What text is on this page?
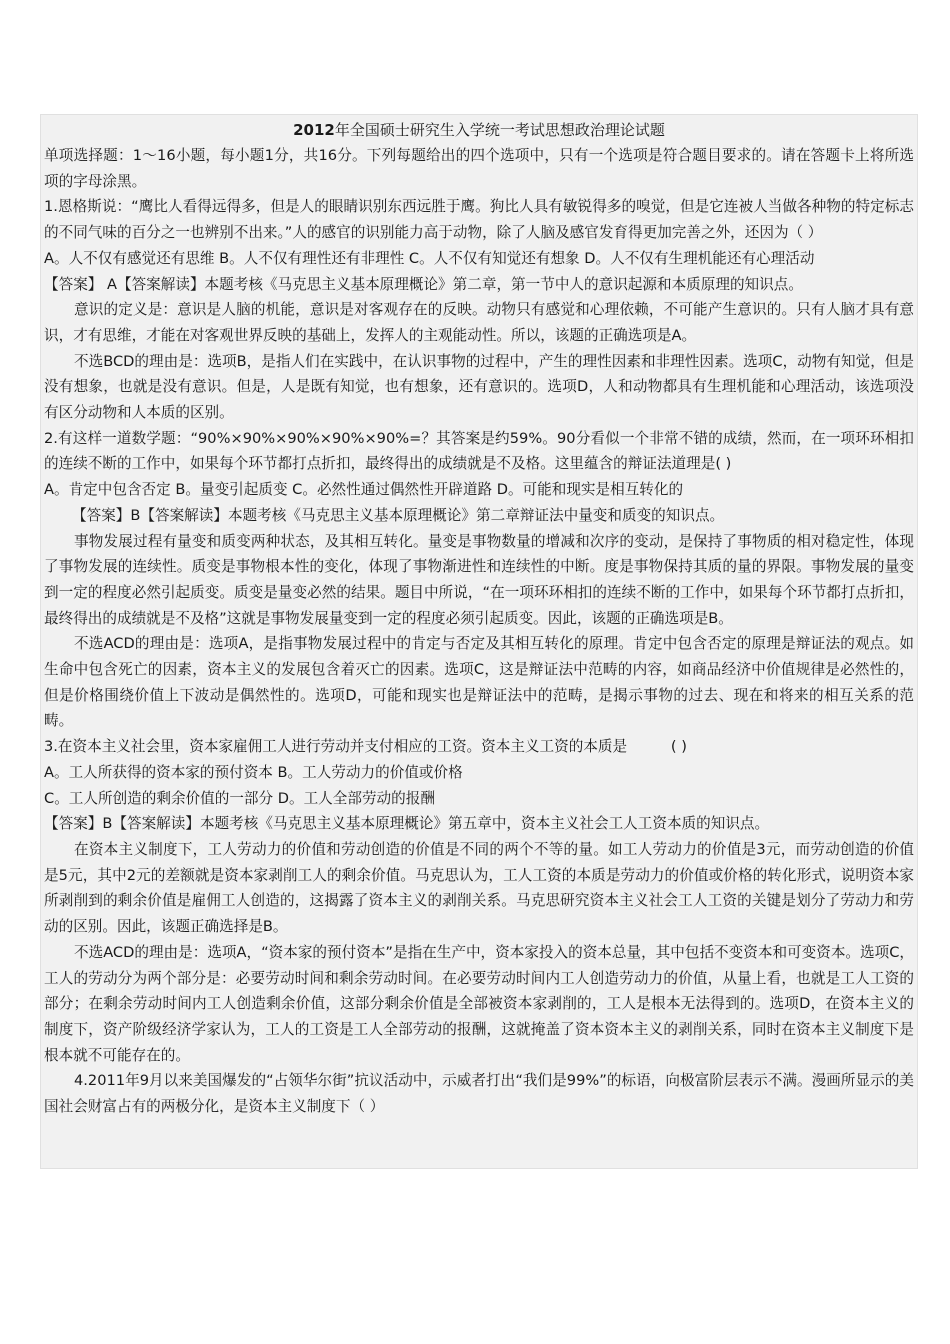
2012年全国硕士研究生入学统一考试思想政治理论试题

单项选择题：1～16小题，每小题1分，共16分。下列每题给出的四个选项中，只有一个选项是符合题目要求的。请在答题卡上将所选项的字母涂黑。

1.恩格斯说：“鹰比人看得远得多，但是人的眼睛识别东西远胜于鹰。狗比人具有敏锐得多的嗅觉，但是它连被人当做各种物的特定标志的不同气味的百分之一也辨别不出来。”人的感官的识别能力高于动物，除了人脑及感官发育得更加完善之外，还因为（ ）

A。人不仅有感觉还有思维 B。人不仅有理性还有非理性 C。人不仅有知觉还有想象 D。人不仅有生理机能还有心理活动

【答案】 A【答案解读】本题考核《马克思主义基本原理概论》第二章，第一节中人的意识起源和本质原理的知识点。

意识的定义是：意识是人脑的机能，意识是对客观存在的反映。动物只有感觉和心理依赖，不可能产生意识的。只有人脑才具有意识，才有思维，才能在对客观世界反映的基础上，发挥人的主观能动性。所以，该题的正确选项是A。

不选BCD的理由是：选项B，是指人们在实践中，在认识事物的过程中，产生的理性因素和非理性因素。选项C，动物有知觉，但是没有想象，也就是没有意识。但是，人是既有知觉，也有想象，还有意识的。选项D，人和动物都具有生理机能和心理活动，该选项没有区分动物和人本质的区别。

2.有这样一道数学题：“90%×90%×90%×90%×90%=？其答案是约59%。90分看似一个非常不错的成绩，然而，在一项环环相扣的连续不断的工作中，如果每个环节都打点折扣，最终得出的成绩就是不及格。这里蕴含的辩证法道理是( )

A。肯定中包含否定 B。量变引起质变 C。必然性通过偶然性开辟道路 D。可能和现实是相互转化的

【答案】B【答案解读】本题考核《马克思主义基本原理概论》第二章辩证法中量变和质变的知识点。

事物发展过程有量变和质变两种状态，及其相互转化。量变是事物数量的增减和次序的变动，是保持了事物质的相对稳定性，体现了事物发展的连续性。质变是事物根本性的变化，体现了事物渐进性和连续性的中断。度是事物保持其质的量的界限。事物发展的量变到一定的程度必然引起质变。质变是量变必然的结果。题目中所说，“在一项环环相扣的连续不断的工作中，如果每个环节都打点折扣，最终得出的成绩就是不及格”这就是事物发展量变到一定的程度必须引起质变。因此，该题的正确选项是B。

不选ACD的理由是：选项A，是指事物发展过程中的肯定与否定及其相互转化的原理。肯定中包含否定的原理是辩证法的观点。如生命中包含死亡的因素，资本主义的发展包含着灭亡的因素。选项C，这是辩证法中范畴的内容，如商品经济中价值规律是必然性的，但是价格围绕价值上下波动是偶然性的。选项D，可能和现实也是辩证法中的范畴，是揭示事物的过去、现在和将来的相互关系的范畴。

3.在资本主义社会里，资本家雇佣工人进行劳动并支付相应的工资。资本主义工资的本质是　　　( )

A。工人所获得的资本家的预付资本 B。工人劳动力的价值或价格

C。工人所创造的剩余价值的一部分 D。工人全部劳动的报酬

【答案】B【答案解读】本题考核《马克思主义基本原理概论》第五章中，资本主义社会工人工资本质的知识点。

在资本主义制度下，工人劳动力的价值和劳动创造的价值是不同的两个不等的量。如工人劳动力的价值是3元，而劳动创造的价值是5元，其中2元的差额就是资本家剥削工人的剩余价值。马克思认为，工人工资的本质是劳动力的价值或价格的转化形式，说明资本家所剥削到的剩余价值是雇佣工人创造的，这揭露了资本主义的剥削关系。马克思研究资本主义社会工人工资的关键是划分了劳动力和劳动的区别。因此，该题正确选择是B。

不选ACD的理由是：选项A，“资本家的预付资本”是指在生产中，资本家投入的资本总量，其中包括不变资本和可变资本。选项C，工人的劳动分为两个部分是：必要劳动时间和剩余劳动时间。在必要劳动时间内工人创造劳动力的价值，从量上看，也就是工人工资的部分；在剩余劳动时间内工人创造剩余价值，这部分剩余价值是全部被资本家剥削的，工人是根本无法得到的。选项D，在资本主义的制度下，资产阶级经济学家认为，工人的工资是工人全部劳动的报酬，这就掩盖了资本资本主义的剥削关系，同时在资本主义制度下是根本就不可能存在的。

4.2011年9月以来美国爆发的“占领华尔街”抗议活动中，示威者打出“我们是99%”的标语，向极富阶层表示不满。漫画所显示的美国社会财富占有的两极分化，是资本主义制度下（ ）
